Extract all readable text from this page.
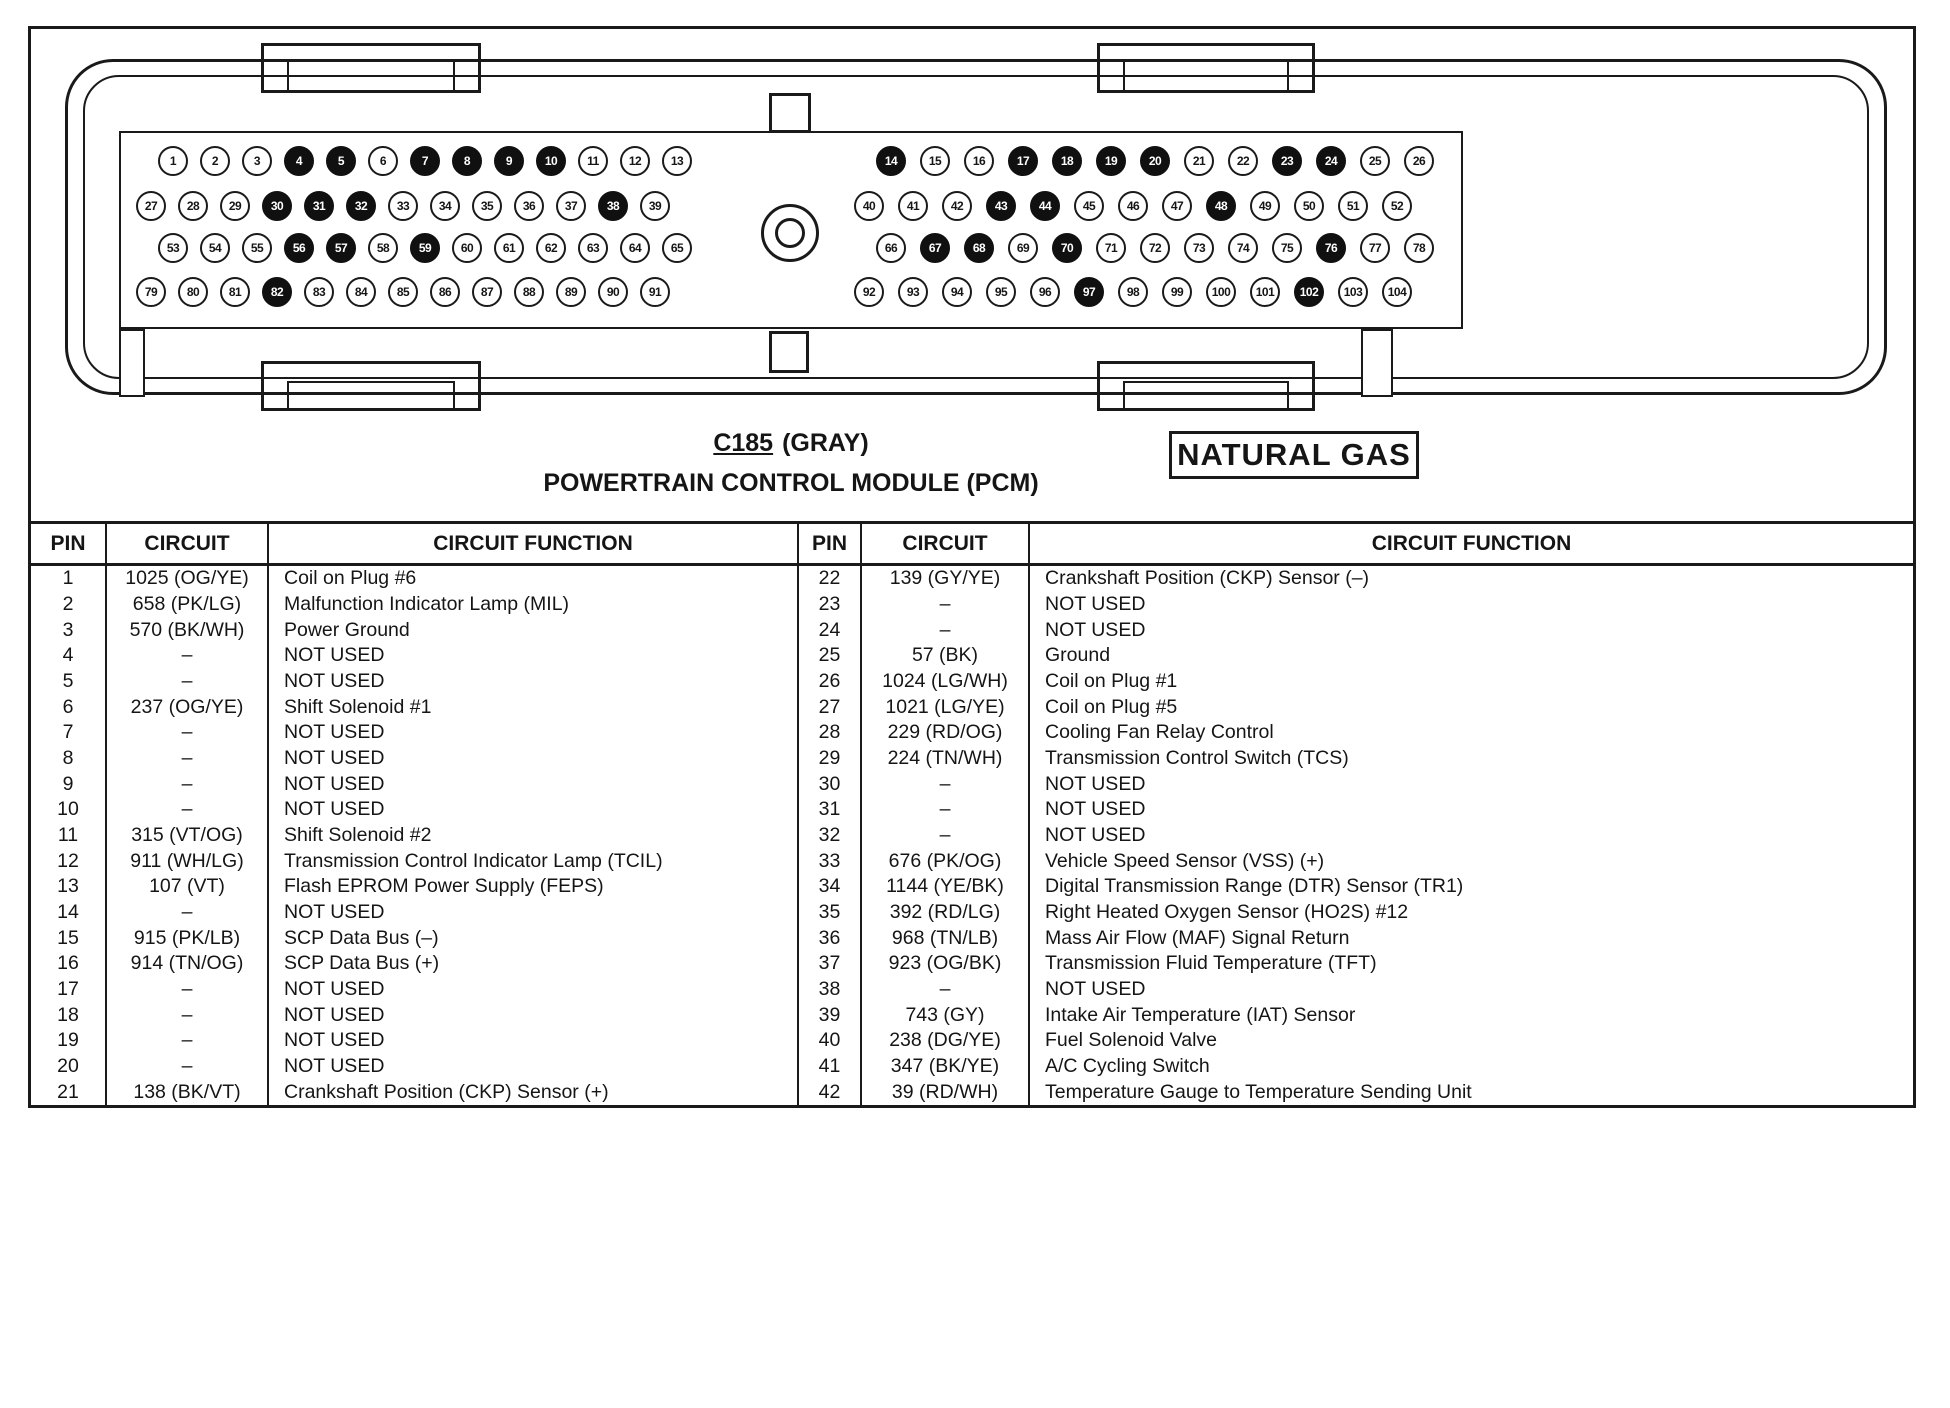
C185 (GRAY)
POWERTRAIN CONTROL MODULE (PCM)
NATURAL GAS
1	2	3	4	5	6	7	8	9	10	11	12	13	14	15	16	17	18	19	20	21	22	23	24	25	26
27	28	29	30	31	32	33	34	35	36	37	38	39	40	41	42	43	44	45	46	47	48	49	50	51	52
53	54	55	56	57	58	59	60	61	62	63	64	65	66	67	68	69	70	71	72	73	74	75	76	77	78
79	80	81	82	83	84	85	86	87	88	89	90	91	92	93	94	95	96	97	98	99	100	101	102	103	104
PIN	CIRCUIT	CIRCUIT FUNCTION	PIN	CIRCUIT	CIRCUIT FUNCTION
1	1025 (OG/YE)	Coil on Plug #6	22	139 (GY/YE)	Crankshaft Position (CKP) Sensor (–)
2	658 (PK/LG)	Malfunction Indicator Lamp (MIL)	23	–	NOT USED
3	570 (BK/WH)	Power Ground	24	–	NOT USED
4	–	NOT USED	25	57 (BK)	Ground
5	–	NOT USED	26	1024 (LG/WH)	Coil on Plug #1
6	237 (OG/YE)	Shift Solenoid #1	27	1021 (LG/YE)	Coil on Plug #5
7	–	NOT USED	28	229 (RD/OG)	Cooling Fan Relay Control
8	–	NOT USED	29	224 (TN/WH)	Transmission Control Switch (TCS)
9	–	NOT USED	30	–	NOT USED
10	–	NOT USED	31	–	NOT USED
11	315 (VT/OG)	Shift Solenoid #2	32	–	NOT USED
12	911 (WH/LG)	Transmission Control Indicator Lamp (TCIL)	33	676 (PK/OG)	Vehicle Speed Sensor (VSS) (+)
13	107 (VT)	Flash EPROM Power Supply (FEPS)	34	1144 (YE/BK)	Digital Transmission Range (DTR) Sensor (TR1)
14	–	NOT USED	35	392 (RD/LG)	Right Heated Oxygen Sensor (HO2S) #12
15	915 (PK/LB)	SCP Data Bus (–)	36	968 (TN/LB)	Mass Air Flow (MAF) Signal Return
16	914 (TN/OG)	SCP Data Bus (+)	37	923 (OG/BK)	Transmission Fluid Temperature (TFT)
17	–	NOT USED	38	–	NOT USED
18	–	NOT USED	39	743 (GY)	Intake Air Temperature (IAT) Sensor
19	–	NOT USED	40	238 (DG/YE)	Fuel Solenoid Valve
20	–	NOT USED	41	347 (BK/YE)	A/C Cycling Switch
21	138 (BK/VT)	Crankshaft Position (CKP) Sensor (+)	42	39 (RD/WH)	Temperature Gauge to Temperature Sending Unit
